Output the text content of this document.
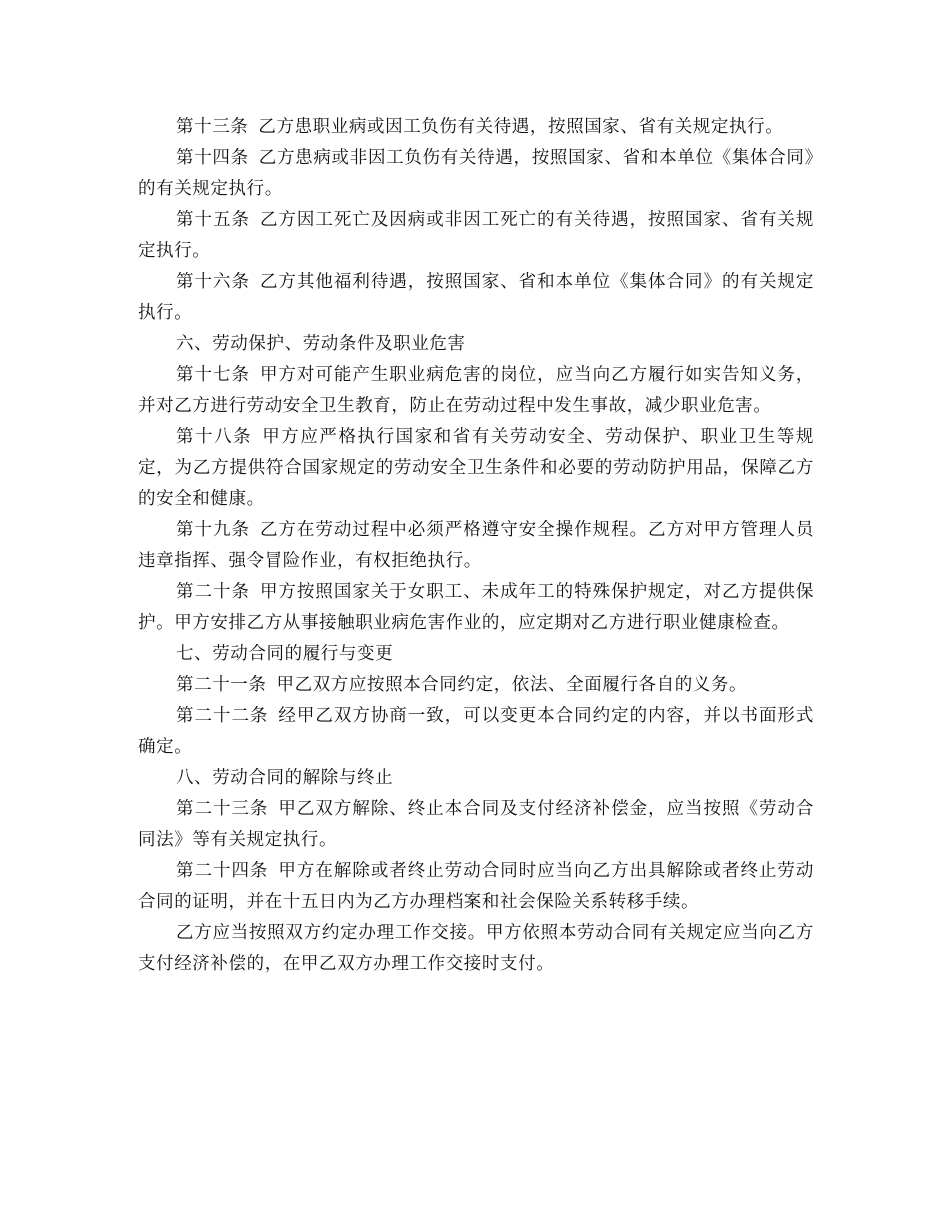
第十三条 乙方患职业病或因工负伤有关待遇，按照国家、省有关规定执行。

第十四条 乙方患病或非因工负伤有关待遇，按照国家、省和本单位《集体合同》的有关规定执行。

第十五条 乙方因工死亡及因病或非因工死亡的有关待遇，按照国家、省有关规定执行。

第十六条 乙方其他福利待遇，按照国家、省和本单位《集体合同》的有关规定执行。

六、劳动保护、劳动条件及职业危害

第十七条 甲方对可能产生职业病危害的岗位，应当向乙方履行如实告知义务，并对乙方进行劳动安全卫生教育，防止在劳动过程中发生事故，减少职业危害。

第十八条 甲方应严格执行国家和省有关劳动安全、劳动保护、职业卫生等规定，为乙方提供符合国家规定的劳动安全卫生条件和必要的劳动防护用品，保障乙方的安全和健康。

第十九条 乙方在劳动过程中必须严格遵守安全操作规程。乙方对甲方管理人员违章指挥、强令冒险作业，有权拒绝执行。

第二十条 甲方按照国家关于女职工、未成年工的特殊保护规定，对乙方提供保护。甲方安排乙方从事接触职业病危害作业的，应定期对乙方进行职业健康检查。

七、劳动合同的履行与变更

第二十一条 甲乙双方应按照本合同约定，依法、全面履行各自的义务。

第二十二条 经甲乙双方协商一致，可以变更本合同约定的内容，并以书面形式确定。

八、劳动合同的解除与终止

第二十三条 甲乙双方解除、终止本合同及支付经济补偿金，应当按照《劳动合同法》等有关规定执行。

第二十四条 甲方在解除或者终止劳动合同时应当向乙方出具解除或者终止劳动合同的证明，并在十五日内为乙方办理档案和社会保险关系转移手续。

乙方应当按照双方约定办理工作交接。甲方依照本劳动合同有关规定应当向乙方支付经济补偿的，在甲乙双方办理工作交接时支付。
